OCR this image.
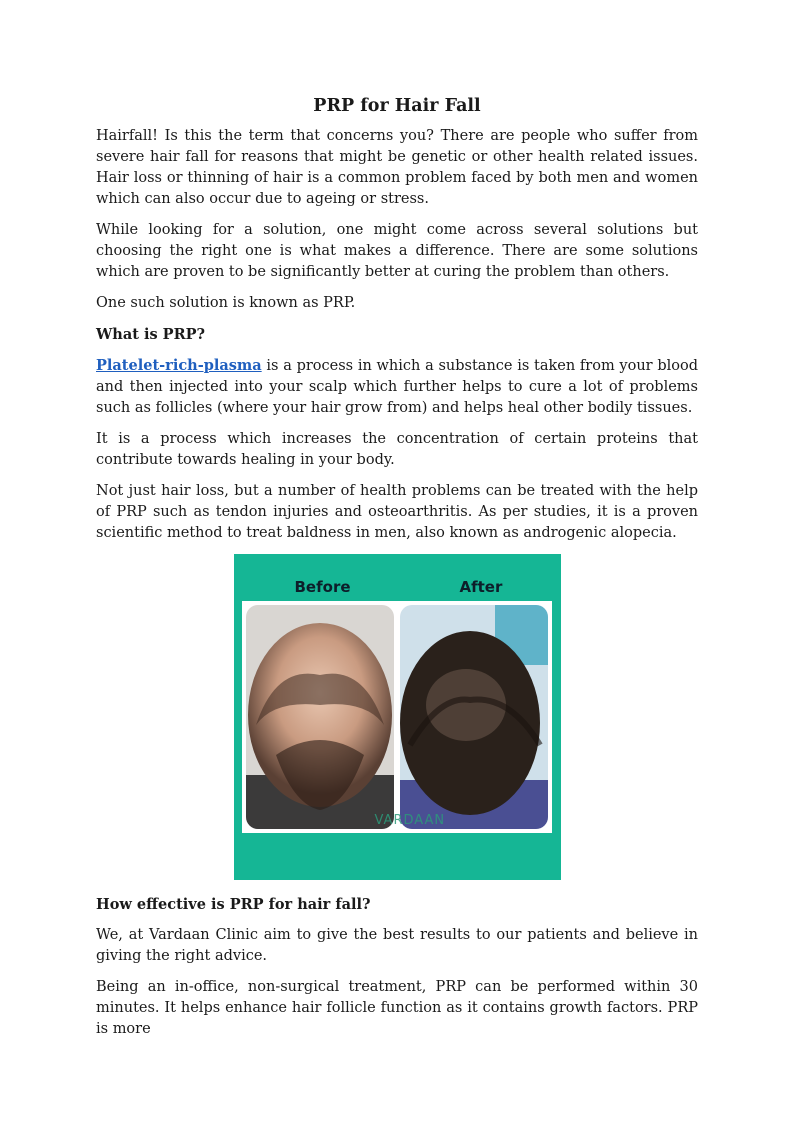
PRP for Hair Fall

Hairfall! Is this the term that concerns you? There are people who suffer from severe hair fall for reasons that might be genetic or other health related issues. Hair loss or thinning of hair is a common problem faced by both men and women which can also occur due to ageing or stress.

While looking for a solution, one might come across several solutions but choosing the right one is what makes a difference. There are some solutions which are proven to be significantly better at curing the problem than others.

One such solution is known as PRP.

What is PRP?

Platelet-rich-plasma is a process in which a substance is taken from your blood and then injected into your scalp which further helps to cure a lot of problems such as follicles (where your hair grow from) and helps heal other bodily tissues.

It is a process which increases the concentration of certain proteins that contribute towards healing in your body.

Not just hair loss, but a number of health problems can be treated with the help of PRP such as tendon injuries and osteoarthritis. As per studies, it is a proven scientific method to treat baldness in men, also known as androgenic alopecia.

Before	After
VARDAAN
How effective is PRP for hair fall?

We, at Vardaan Clinic aim to give the best results to our patients and believe in giving the right advice.

Being an in-office, non-surgical treatment, PRP can be performed within 30 minutes. It helps enhance hair follicle function as it contains growth factors. PRP is more
